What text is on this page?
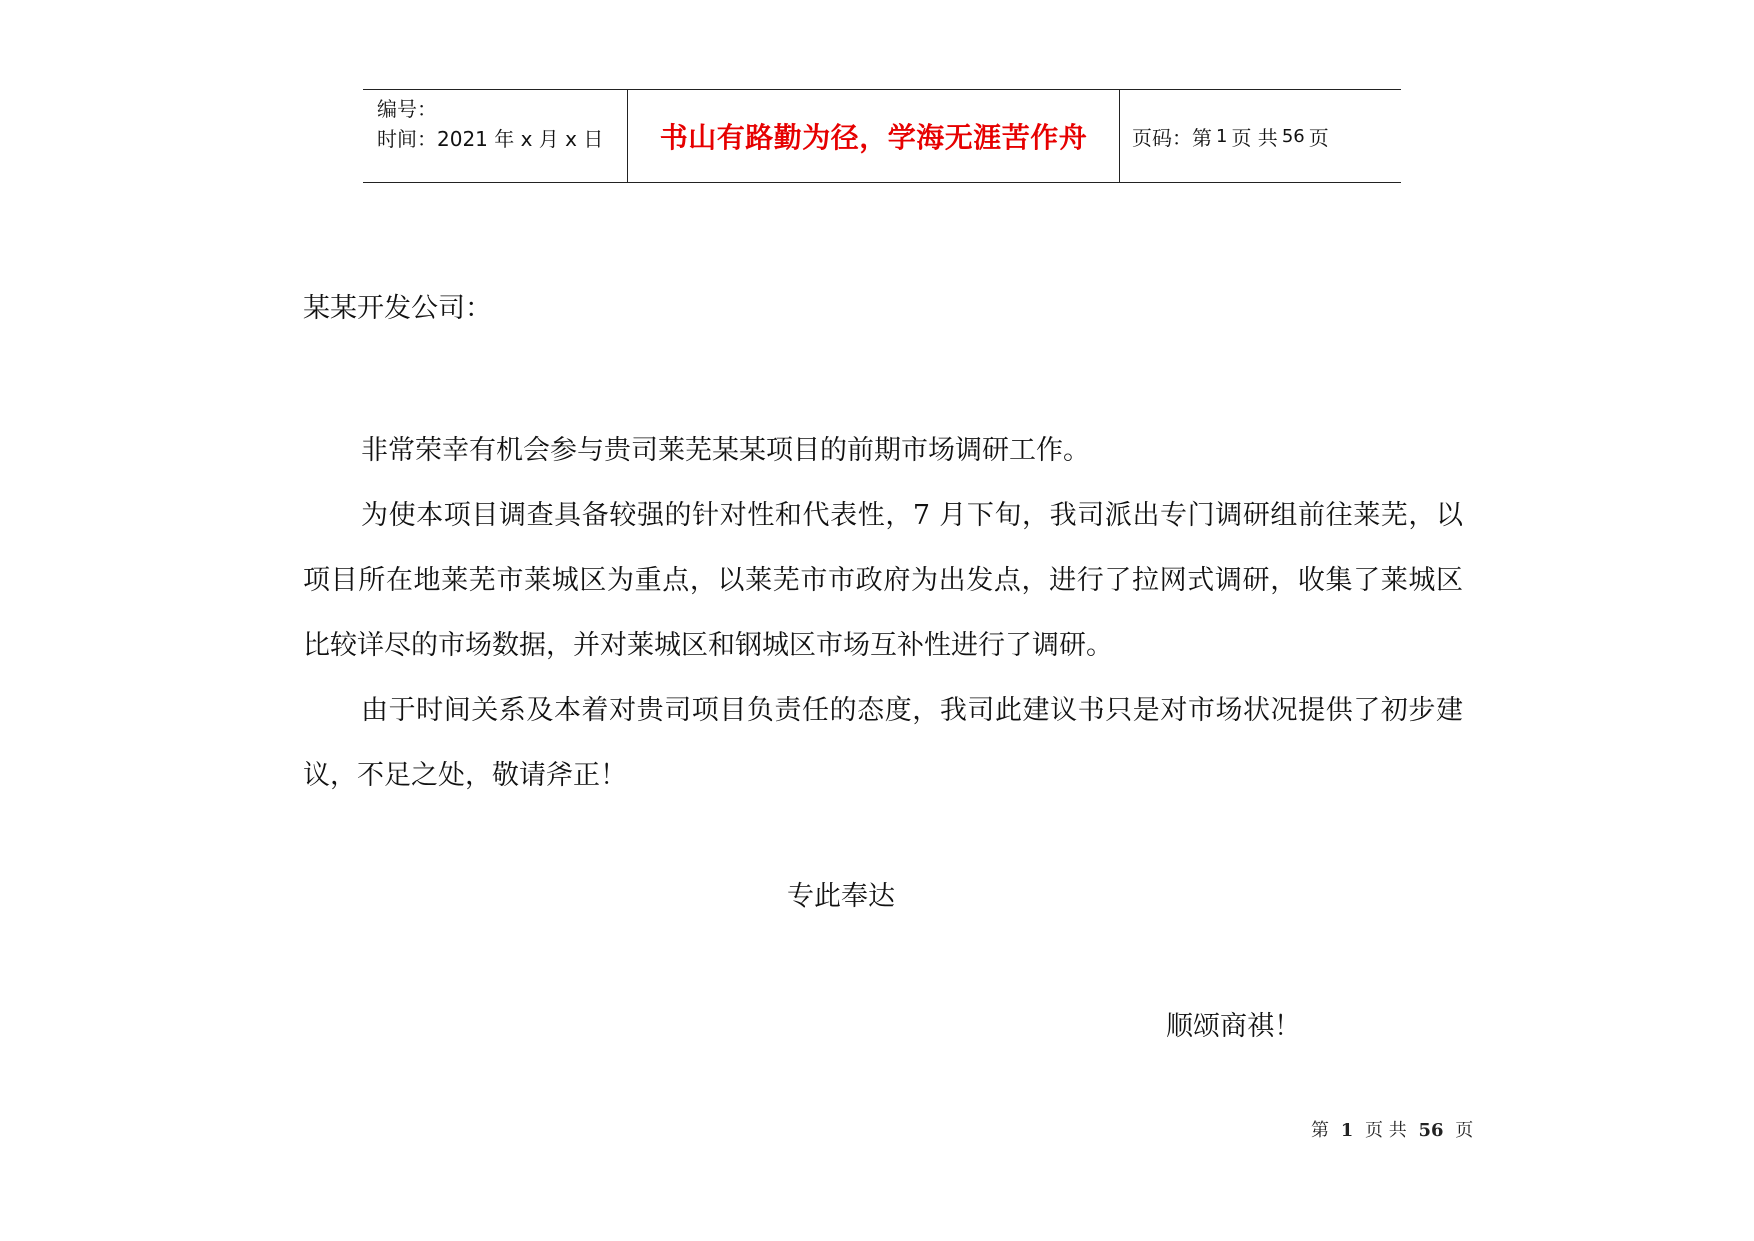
编号：
时间：2021 年 x 月 x 日	书山有路勤为径，学海无涯苦作舟 页码：第 1 页 共 56 页
某某开发公司：

非常荣幸有机会参与贵司莱芜某某项目的前期市场调研工作。

为使本项目调查具备较强的针对性和代表性，7 月下旬，我司派出专门调研组前往莱芜，以项目所在地莱芜市莱城区为重点，以莱芜市市政府为出发点，进行了拉网式调研，收集了莱城区比较详尽的市场数据，并对莱城区和钢城区市场互补性进行了调研。

由于时间关系及本着对贵司项目负责任的态度，我司此建议书只是对市场状况提供了初步建议，不足之处，敬请斧正！

专此奉达
顺颂商祺！
第 1 页 共 56 页
